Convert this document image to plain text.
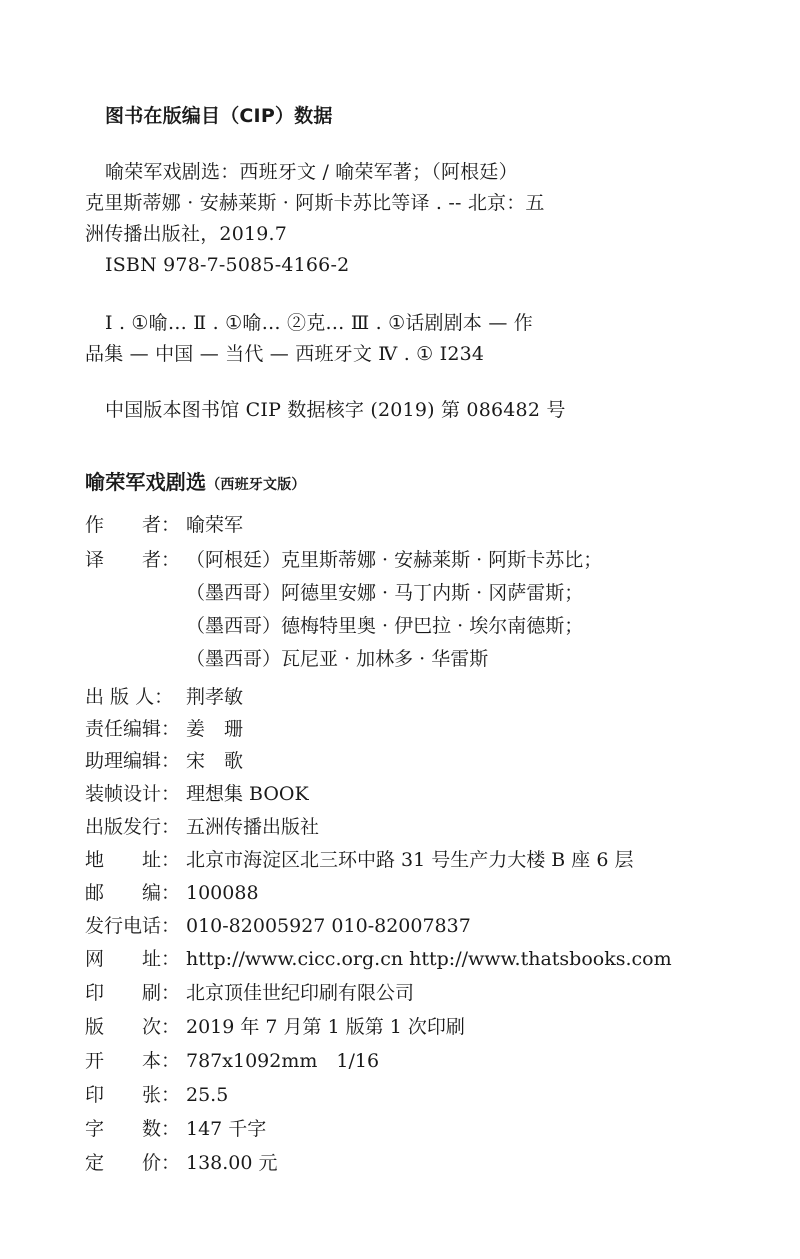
图书在版编目（CIP）数据
喻荣军戏剧选：西班牙文 / 喻荣军著；（阿根廷）
克里斯蒂娜 · 安赫莱斯 · 阿斯卡苏比等译 . -- 北京：五
洲传播出版社，2019.7
ISBN 978-7-5085-4166-2
Ⅰ . ①喻… Ⅱ . ①喻… ②克… Ⅲ . ①话剧剧本 — 作
品集 — 中国 — 当代 — 西班牙文 Ⅳ . ① I234
中国版本图书馆 CIP 数据核字 (2019) 第 086482 号
喻荣军戏剧选（西班牙文版）
作　　者： 喻荣军
译　　者： （阿根廷）克里斯蒂娜 · 安赫莱斯 · 阿斯卡苏比；
（墨西哥）阿德里安娜 · 马丁内斯 · 冈萨雷斯；
（墨西哥）德梅特里奥 · 伊巴拉 · 埃尔南德斯；
（墨西哥）瓦尼亚 · 加林多 · 华雷斯
出 版 人： 荆孝敏
责任编辑： 姜　珊
助理编辑： 宋　歌
装帧设计： 理想集 BOOK
出版发行： 五洲传播出版社
地　　址： 北京市海淀区北三环中路 31 号生产力大楼 B 座 6 层
邮　　编： 100088
发行电话： 010-82005927 010-82007837
网　　址： http://www.cicc.org.cn http://www.thatsbooks.com
印　　刷： 北京顶佳世纪印刷有限公司
版　　次： 2019 年 7 月第 1 版第 1 次印刷
开　　本： 787x1092mm　1/16
印　　张： 25.5
字　　数： 147 千字
定　　价： 138.00 元
